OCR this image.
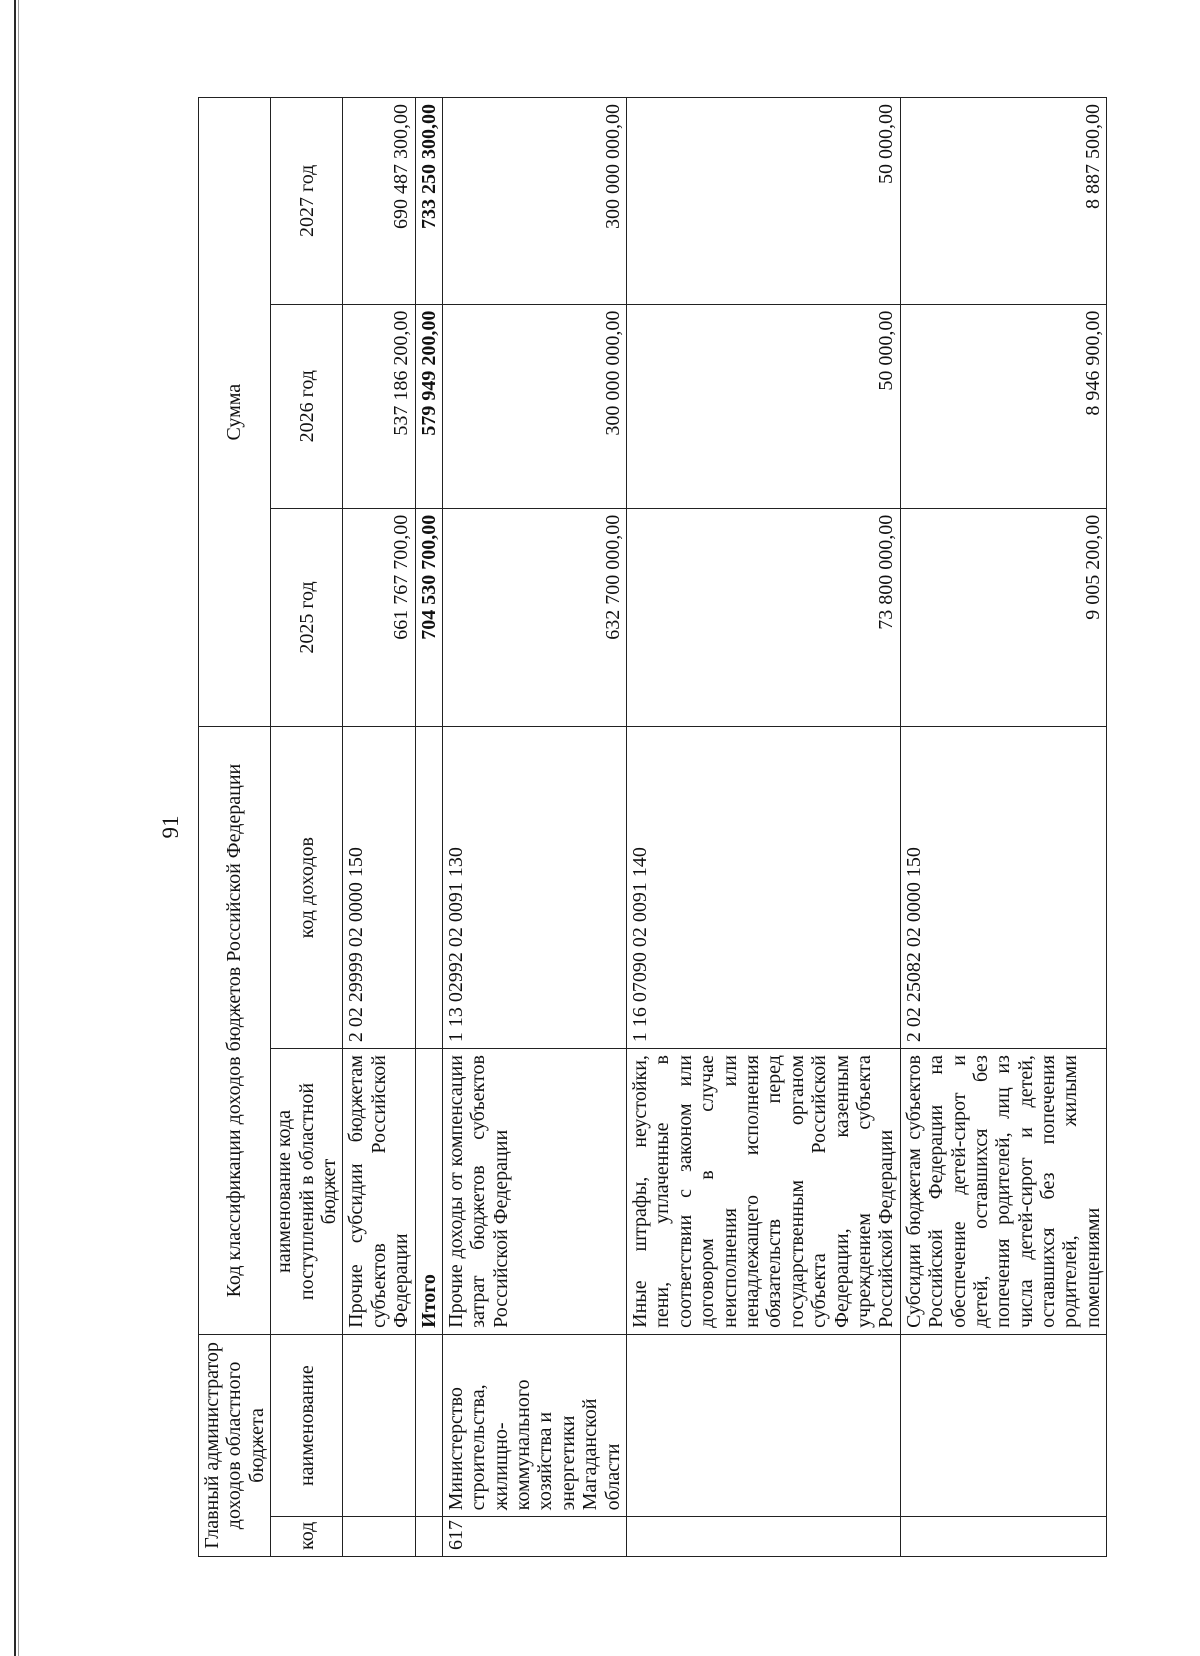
91
Главный администратор доходов областного бюджета		Код классификации доходов бюджетов Российской Федерации		Сумма		
код	наименование	наименование кода поступлений в областной бюджет	код доходов	2025 год	2026 год	2027 год
		Прочие субсидии бюджетам субъектов Российской Федерации	2 02 29999 02 0000 150	661 767 700,00	537 186 200,00	690 487 300,00
		Итого		704 530 700,00	579 949 200,00	733 250 300,00
617	Министерство строительства, жилищно-коммунального хозяйства и энергетики Магаданской области	Прочие доходы от компенсации затрат бюджетов субъектов Российской Федерации	1 13 02992 02 0091 130	632 700 000,00	300 000 000,00	300 000 000,00
		Иные штрафы, неустойки, пени, уплаченные в соответствии с законом или договором в случае неисполнения или ненадлежащего исполнения обязательств перед государственным органом субъекта Российской Федерации, казенным учреждением субъекта Российской Федерации	1 16 07090 02 0091 140	73 800 000,00	50 000,00	50 000,00
		Субсидии бюджетам субъектов Российской Федерации на обеспечение детей-сирот и детей, оставшихся без попечения родителей, лиц из числа детей-сирот и детей, оставшихся без попечения родителей, жилыми помещениями	2 02 25082 02 0000 150	9 005 200,00	8 946 900,00	8 887 500,00
